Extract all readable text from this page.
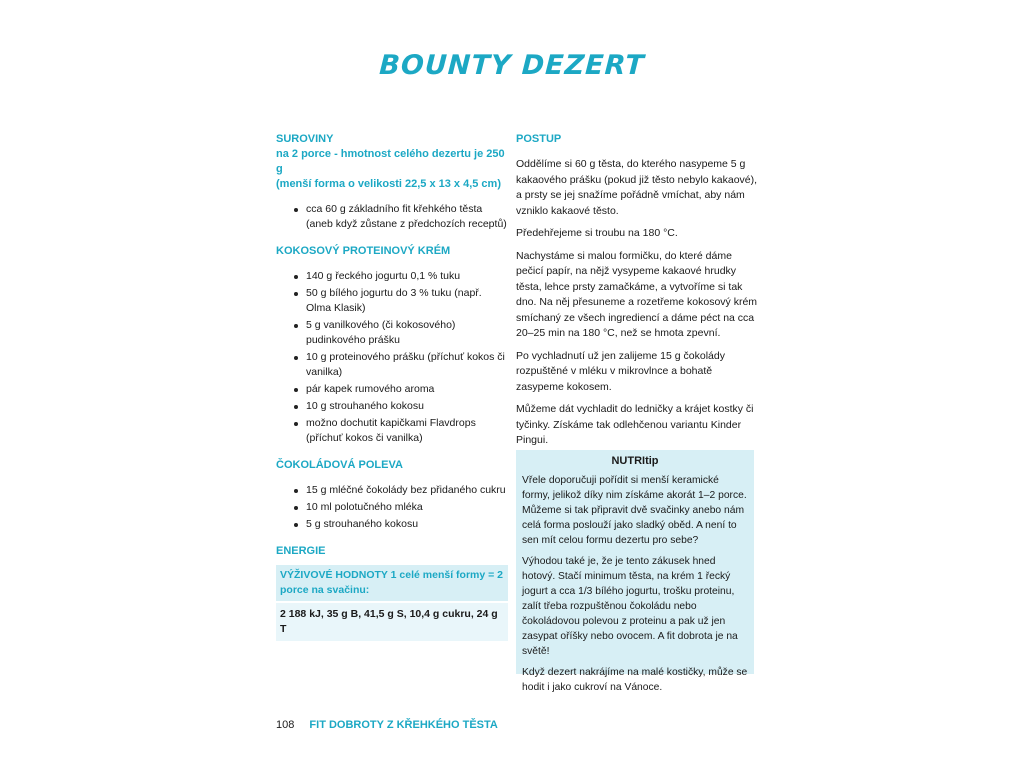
BOUNTY DEZERT

SUROVINY

na 2 porce - hmotnost celého dezertu je 250 g

(menší forma o velikosti 22,5 x 13 x 4,5 cm)

cca 60 g základního fit křehkého těsta (aneb když zůstane z předchozích receptů)

KOKOSOVÝ PROTEINOVÝ KRÉM

140 g řeckého jogurtu 0,1 % tuku
50 g bílého jogurtu do 3 % tuku (např. Olma Klasik)
5 g vanilkového (či kokosového) pudinkového prášku
10 g proteinového prášku (příchuť kokos či vanilka)
pár kapek rumového aroma
10 g strouhaného kokosu
možno dochutit kapičkami Flavdrops (příchuť kokos či vanilka)

ČOKOLÁDOVÁ POLEVA

15 g mléčné čokolády bez přidaného cukru
10 ml polotučného mléka
5 g strouhaného kokosu

ENERGIE

VÝŽIVOVÉ HODNOTY 1 celé menší formy = 2 porce na svačinu:
2 188 kJ, 35 g B, 41,5 g S, 10,4 g cukru, 24 g T

POSTUP

Oddělíme si 60 g těsta, do kterého nasypeme 5 g kakaového prášku (pokud již těsto nebylo kakaové), a prsty se jej snažíme pořádně vmíchat, aby nám vzniklo kakaové těsto.

Předehřejeme si troubu na 180 °C.

Nachystáme si malou formičku, do které dáme pečicí papír, na nějž vysypeme kakaové hrudky těsta, lehce prsty zamačkáme, a vytvoříme si tak dno. Na něj přesuneme a rozetřeme kokosový krém smíchaný ze všech ingrediencí a dáme péct na cca 20–25 min na 180 °C, než se hmota zpevní.

Po vychladnutí už jen zalijeme 15 g čokolády rozpuštěné v mléku v mikrovlnce a bohatě zasypeme kokosem.

Můžeme dát vychladit do ledničky a krájet kostky či tyčinky. Získáme tak odlehčenou variantu Kinder Pingui.

NUTRItip

Vřele doporučuji pořídit si menší keramické formy, jelikož díky nim získáme akorát 1–2 porce. Můžeme si tak připravit dvě svačinky anebo nám celá forma poslouží jako sladký oběd. A není to sen mít celou formu dezertu pro sebe?

Výhodou také je, že je tento zákusek hned hotový. Stačí minimum těsta, na krém 1 řecký jogurt a cca 1/3 bílého jogurtu, trošku proteinu, zalít třeba rozpuštěnou čokoládu nebo čokoládovou polevou z proteinu a pak už jen zasypat oříšky nebo ovocem. A fit dobrota je na světě!

Když dezert nakrájíme na malé kostičky, může se hodit i jako cukroví na Vánoce.

108 FIT DOBROTY Z KŘEHKÉHO TĚSTA
